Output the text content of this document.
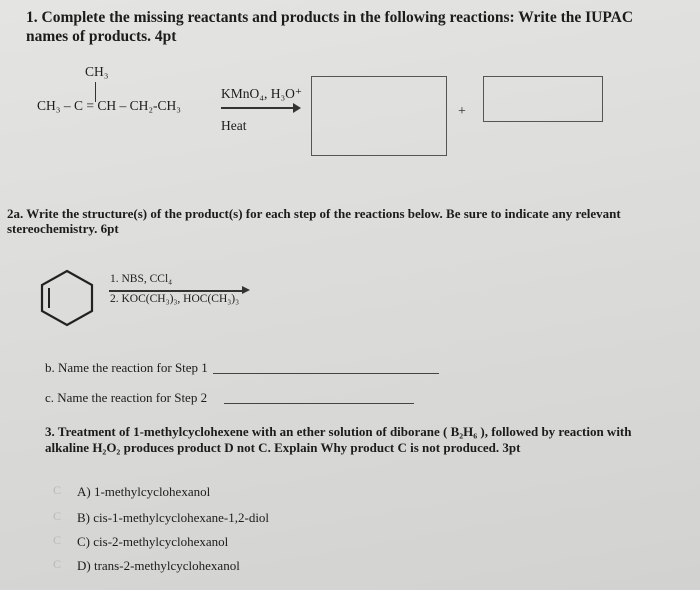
1. Complete the missing reactants and products in the following reactions: Write the IUPAC names of products. 4pt
CH₃
CH₃ – C = CH – CH₂-CH₃
KMnO₄, H₃O⁺
Heat
+
2a. Write the structure(s) of the product(s) for each step of the reactions below. Be sure to indicate any relevant stereochemistry. 6pt
1. NBS, CCl₄
2. KOC(CH₃)₃, HOC(CH₃)₃
b. Name the reaction for Step 1
c. Name the reaction for Step 2
3. Treatment of 1-methylcyclohexene with an ether solution of diborane ( B₂H₆ ), followed by reaction with alkaline H₂O₂ produces product D not C. Explain Why product C is not produced. 3pt
C A) 1-methylcyclohexanol
C B) cis-1-methylcyclohexane-1,2-diol
C C) cis-2-methylcyclohexanol
C D) trans-2-methylcyclohexanol
